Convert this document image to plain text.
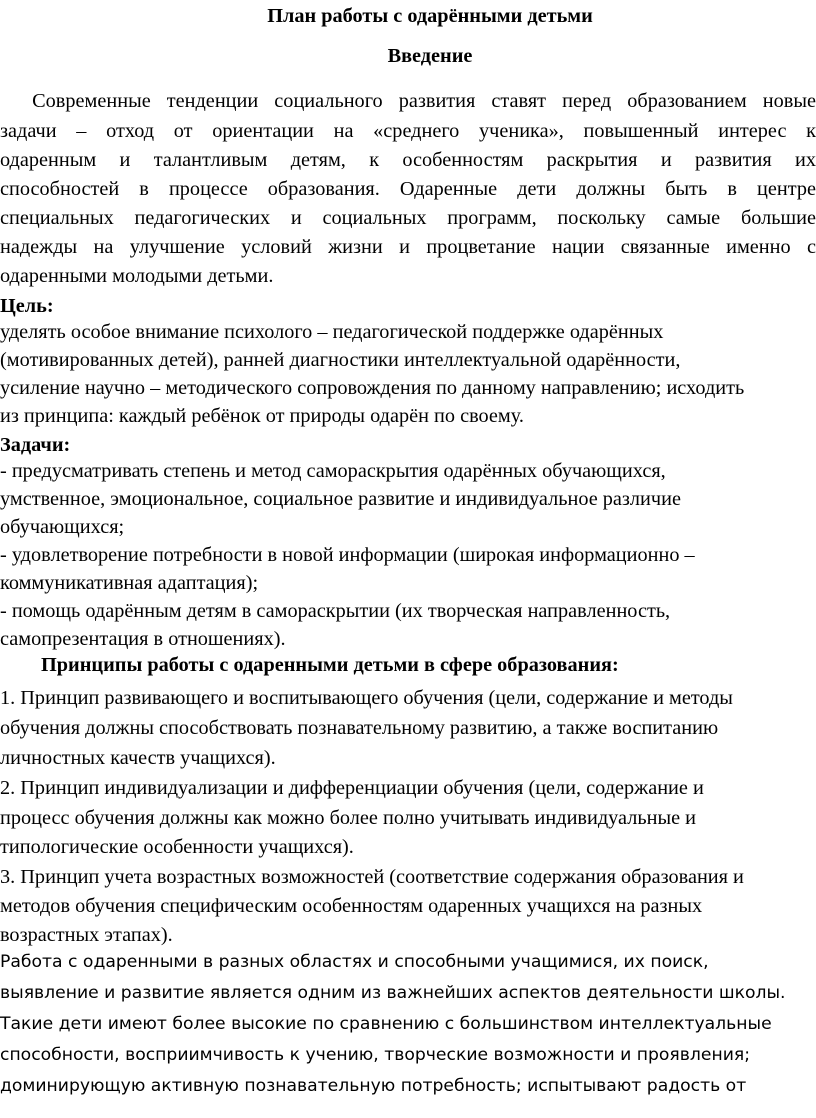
План работы с одарёнными детьми
Введение
Современные тенденции социального развития ставят перед образованием новые
задачи – отход от ориентации на «среднего ученика», повышенный интерес к
одаренным и талантливым детям, к особенностям раскрытия и развития их
способностей в процессе образования. Одаренные дети должны быть в центре
специальных педагогических и социальных программ, поскольку самые большие
надежды на улучшение условий жизни и процветание нации связанные именно с
одаренными молодыми детьми.
Цель:
уделять особое внимание психолого – педагогической поддержке одарённых
(мотивированных детей), ранней диагностики интеллектуальной одарённости,
усиление научно – методического сопровождения по данному направлению; исходить
из принципа: каждый ребёнок от природы одарён по своему.
Задачи:
- предусматривать степень и метод самораскрытия одарённых обучающихся,
умственное, эмоциональное, социальное развитие и индивидуальное различие
обучающихся;
- удовлетворение потребности в новой информации (широкая информационно –
коммуникативная адаптация);
- помощь одарённым детям в самораскрытии (их творческая направленность,
самопрезентация в отношениях).
Принципы работы с одаренными детьми в сфере образования:
1. Принцип развивающего и воспитывающего обучения (цели, содержание и методы
обучения должны способствовать познавательному развитию, а также воспитанию
личностных качеств учащихся).
2. Принцип индивидуализации и дифференциации обучения (цели, содержание и
процесс обучения должны как можно более полно учитывать индивидуальные и
типологические особенности учащихся).
3. Принцип учета возрастных возможностей (соответствие содержания образования и
методов обучения специфическим особенностям одаренных учащихся на разных
возрастных этапах).
Работа с одаренными в разных областях и способными учащимися, их поиск,
выявление и развитие является одним из важнейших аспектов деятельности школы.
Такие дети имеют более высокие по сравнению с большинством интеллектуальные
способности, восприимчивость к учению, творческие возможности и проявления;
доминирующую активную познавательную потребность; испытывают радость от
